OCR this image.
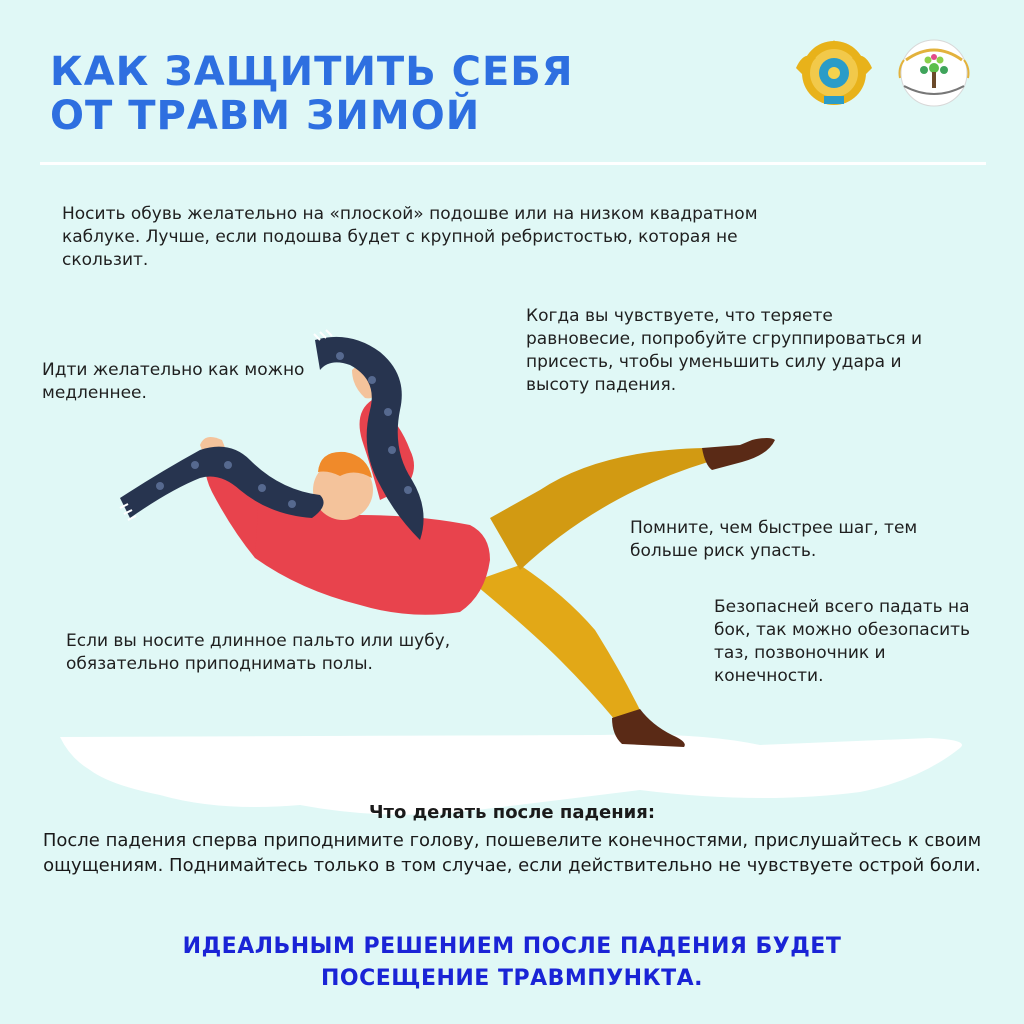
КАК ЗАЩИТИТЬ СЕБЯ
ОТ ТРАВМ ЗИМОЙ

Носить обувь желательно на «плоской» подошве или на низком квадратном каблуке. Лучше, если подошва будет с крупной ребристостью, которая не скользит.

Идти желательно как можно медленнее.

Когда вы чувствуете, что теряете равновесие, попробуйте сгруппироваться и присесть, чтобы уменьшить силу удара и высоту падения.

Помните, чем быстрее шаг, тем больше риск упасть.

Безопасней всего падать на бок, так можно обезопасить таз, позвоночник и конечности.

Если вы носите длинное пальто или шубу, обязательно приподнимать полы.

Что делать после падения:

После падения сперва приподнимите голову, пошевелите конечностями, прислушайтесь к своим ощущениям. Поднимайтесь только в том случае, если действительно не чувствуете острой боли.

ИДЕАЛЬНЫМ РЕШЕНИЕМ ПОСЛЕ ПАДЕНИЯ БУДЕТ
ПОСЕЩЕНИЕ ТРАВМПУНКТА.
